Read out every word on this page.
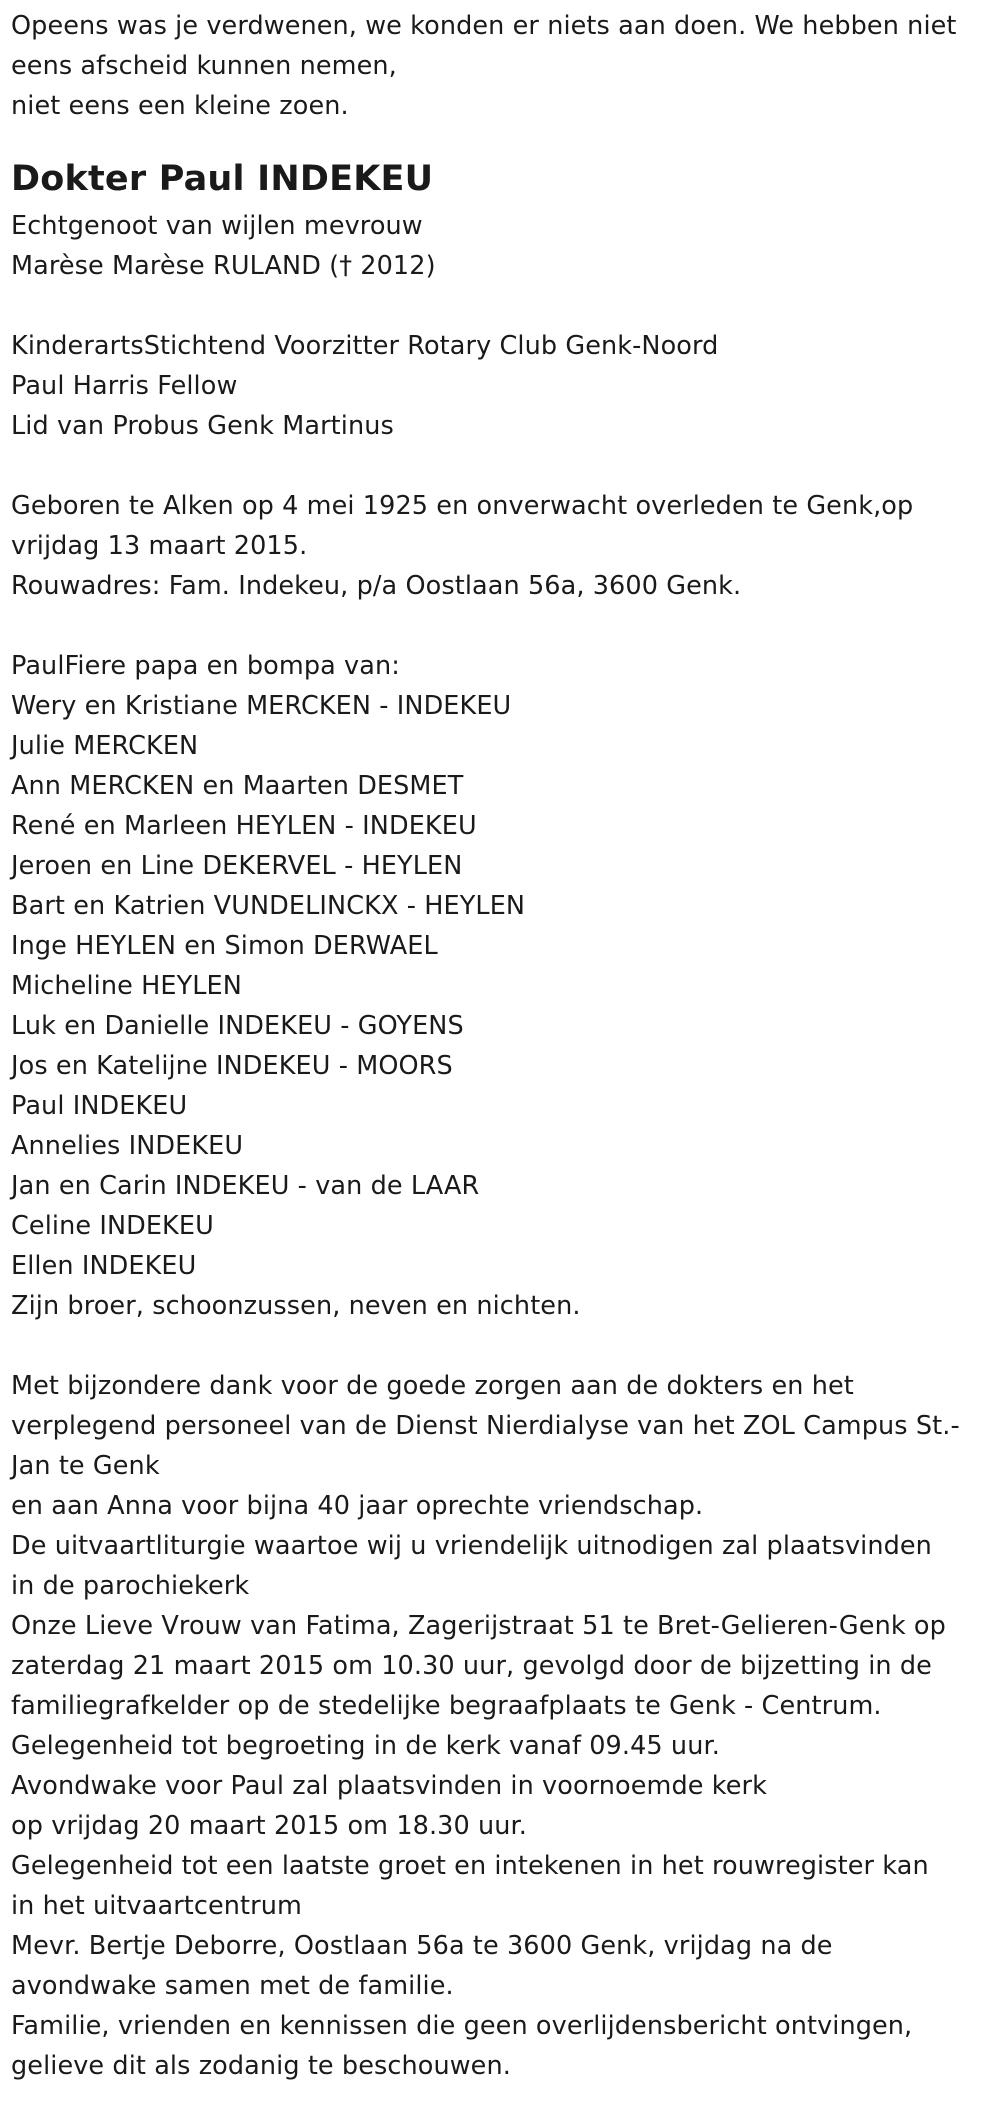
Opeens was je verdwenen, we konden er niets aan doen. We hebben niet
eens afscheid kunnen nemen,
niet eens een kleine zoen.
Dokter Paul INDEKEU
Echtgenoot van wijlen mevrouw
Marèse Marèse RULAND († 2012)
KinderartsStichtend Voorzitter Rotary Club Genk-Noord
Paul Harris Fellow
Lid van Probus Genk Martinus
Geboren te Alken op 4 mei 1925 en onverwacht overleden te Genk,op
vrijdag 13 maart 2015.
Rouwadres: Fam. Indekeu, p/a Oostlaan 56a, 3600 Genk.
PaulFiere papa en bompa van:
Wery en Kristiane MERCKEN - INDEKEU
Julie MERCKEN
Ann MERCKEN en Maarten DESMET
René en Marleen HEYLEN - INDEKEU
Jeroen en Line DEKERVEL - HEYLEN
Bart en Katrien VUNDELINCKX - HEYLEN
Inge HEYLEN en Simon DERWAEL
Micheline HEYLEN
Luk en Danielle INDEKEU - GOYENS
Jos en Katelijne INDEKEU - MOORS
Paul INDEKEU
Annelies INDEKEU
Jan en Carin INDEKEU - van de LAAR
Celine INDEKEU
Ellen INDEKEU
Zijn broer, schoonzussen, neven en nichten.
Met bijzondere dank voor de goede zorgen aan de dokters en het
verplegend personeel van de Dienst Nierdialyse van het ZOL Campus St.-
Jan te Genk
en aan Anna voor bijna 40 jaar oprechte vriendschap.
De uitvaartliturgie waartoe wij u vriendelijk uitnodigen zal plaatsvinden
in de parochiekerk
Onze Lieve Vrouw van Fatima, Zagerijstraat 51 te Bret-Gelieren-Genk op
zaterdag 21 maart 2015 om 10.30 uur, gevolgd door de bijzetting in de
familiegrafkelder op de stedelijke begraafplaats te Genk - Centrum.
Gelegenheid tot begroeting in de kerk vanaf 09.45 uur.
Avondwake voor Paul zal plaatsvinden in voornoemde kerk
op vrijdag 20 maart 2015 om 18.30 uur.
Gelegenheid tot een laatste groet en intekenen in het rouwregister kan
in het uitvaartcentrum
Mevr. Bertje Deborre, Oostlaan 56a te 3600 Genk, vrijdag na de
avondwake samen met de familie.
Familie, vrienden en kennissen die geen overlijdensbericht ontvingen,
gelieve dit als zodanig te beschouwen.
